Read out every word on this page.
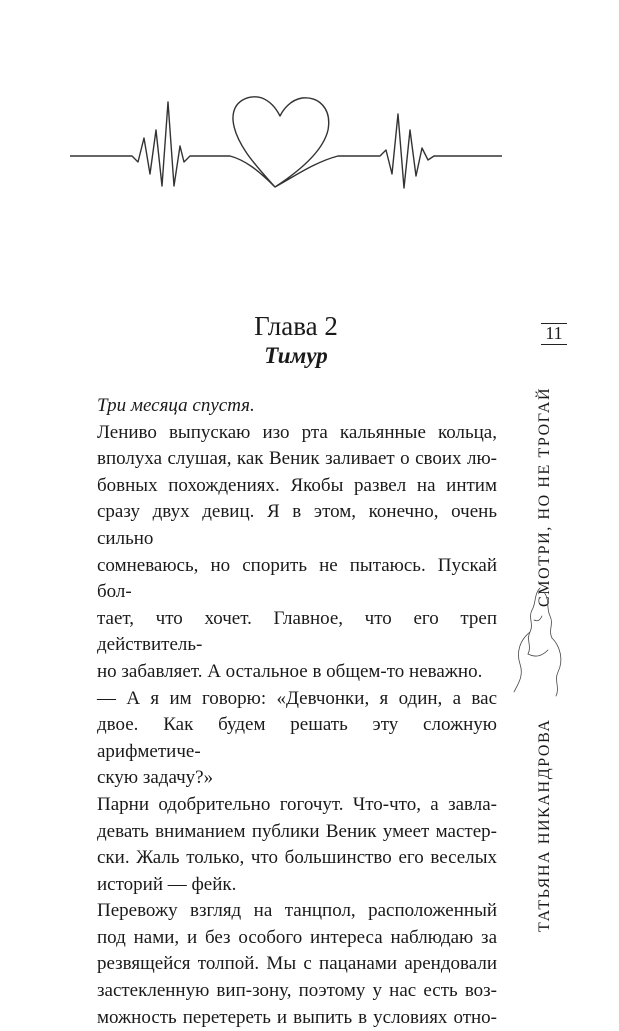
Глава 2
Тимур
11
СМОТРИ, НО НЕ ТРОГАЙ
ТАТЬЯНА НИКАНДРОВА

Три месяца спустя.

Лениво выпускаю изо рта кальянные кольца,

вполуха слушая, как Веник заливает о своих лю-

бовных похождениях. Якобы развел на интим

сразу двух девиц. Я в этом, конечно, очень сильно

сомневаюсь, но спорить не пытаюсь. Пускай бол-

тает, что хочет. Главное, что его треп действитель-

но забавляет. А остальное в общем-то неважно.

— А я им говорю: «Девчонки, я один, а вас

двое. Как будем решать эту сложную арифметиче-

скую задачу?»

Парни одобрительно гогочут. Что-что, а завла-

девать вниманием публики Веник умеет мастер-

ски. Жаль только, что большинство его веселых

историй — фейк.

Перевожу взгляд на танцпол, расположенный

под нами, и без особого интереса наблюдаю за

резвящейся толпой. Мы с пацанами арендовали

застекленную вип-зону, поэтому у нас есть воз-

можность перетереть и выпить в условиях отно-
